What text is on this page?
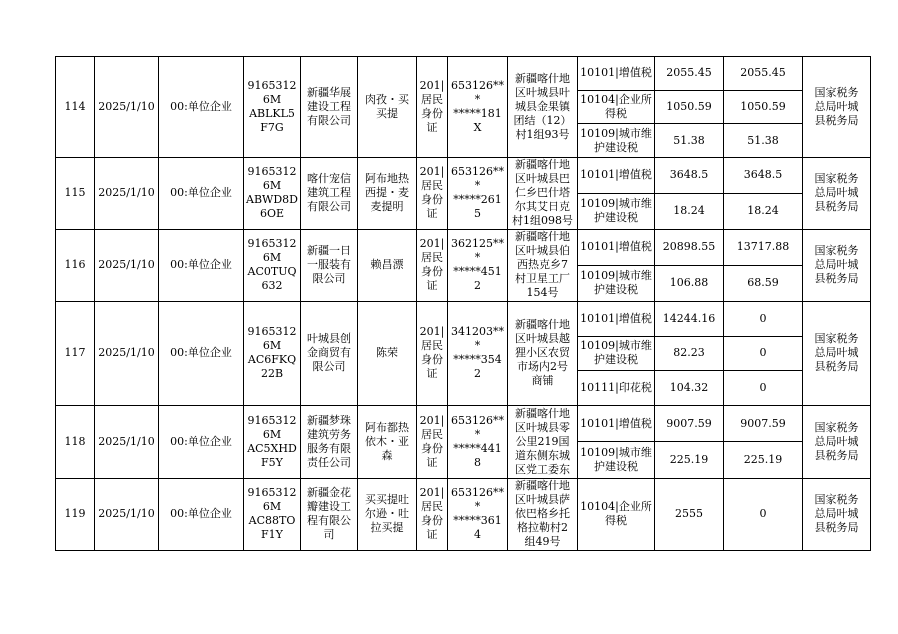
114	2025/1/10	00:单位企业	91653126M
ABLKL5F7G	新疆华展
建设工程
有限公司	肉孜・买
买提	201|
居民
身份
证	653126***
*****181X	新疆喀什地
区叶城县叶
城县金果镇
团结（12）
村1组93号	10101|增值税	2055.45	2055.45	国家税务
总局叶城
县税务局
									10104|企业所
得税	1050.59	1050.59	
									10109|城市维
护建设税	51.38	51.38	
115	2025/1/10	00:单位企业	91653126M
ABWD8D6OE	喀什宠信
建筑工程
有限公司	阿布地热
西提・麦
麦提明	201|
居民
身份
证	653126***
*****2615	新疆喀什地
区叶城县巴
仁乡巴什塔
尔其艾日克
村1组098号	10101|增值税	3648.5	3648.5	国家税务
总局叶城
县税务局
									10109|城市维
护建设税	18.24	18.24	
116	2025/1/10	00:单位企业	91653126M
AC0TUQ632	新疆一日
一服装有
限公司	赖昌漂	201|
居民
身份
证	362125***
*****4512	新疆喀什地
区叶城县伯
西热克乡7
村卫星工厂
154号	10101|增值税	20898.55	13717.88	国家税务
总局叶城
县税务局
									10109|城市维
护建设税	106.88	68.59	
117	2025/1/10	00:单位企业	91653126M
AC6FKQ22B	叶城县创
金商贸有
限公司	陈荣	201|
居民
身份
证	341203***
*****3542	新疆喀什地
区叶城县越
狸小区农贸
市场内2号
商铺	10101|增值税	14244.16	0	国家税务
总局叶城
县税务局
									10109|城市维
护建设税	82.23	0	
									10111|印花税	104.32	0	
118	2025/1/10	00:单位企业	91653126M
AC5XHDF5Y	新疆梦珠
建筑劳务
服务有限
责任公司	阿布都热
依木・亚
森	201|
居民
身份
证	653126***
*****4418	新疆喀什地
区叶城县零
公里219国
道东侧东城
区党工委东	10101|增值税	9007.59	9007.59	国家税务
总局叶城
县税务局
									10109|城市维
护建设税	225.19	225.19	
119	2025/1/10	00:单位企业	91653126M
AC88TOF1Y	新疆金花
瓣建设工
程有限公
司	买买提吐
尔逊・吐
拉买提	201|
居民
身份
证	653126***
*****3614	新疆喀什地
区叶城县萨
依巴格乡托
格拉勒村2
组49号	10104|企业所
得税	2555	0	国家税务
总局叶城
县税务局
